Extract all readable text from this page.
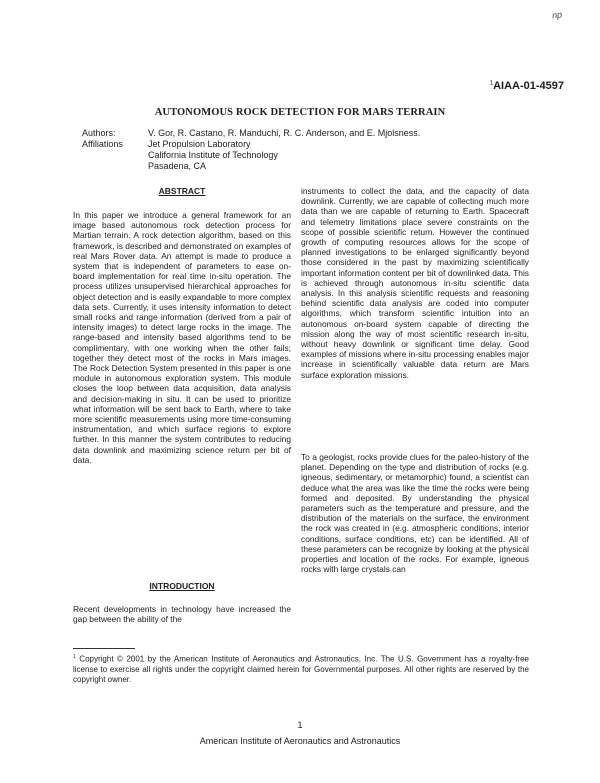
np
$^1$AIAA-01-4597
AUTONOMOUS ROCK DETECTION FOR MARS TERRAIN
Authors:	V. Gor, R. Castano, R. Manduchi, R. C. Anderson, and E. Mjolsness.
Affiliations	Jet Propulsion Laboratory
California Institute of Technology
Pasadena, CA
ABSTRACT

In this paper we introduce a general framework for an image based autonomous rock detection process for Martian terrain. A rock detection algorithm, based on this framework, is described and demonstrated on examples of real Mars Rover data. An attempt is made to produce a system that is independent of parameters to ease on-board implementation for real time in-situ operation. The process utilizes unsupervised hierarchical approaches for object detection and is easily expandable to more complex data sets. Currently, it uses intensity information to detect small rocks and range information (derived from a pair of intensity images) to detect large rocks in the image. The range-based and intensity based algorithms tend to be complimentary, with one working when the other fails; together they detect most of the rocks in Mars images. The Rock Detection System presented in this paper is one module in autonomous exploration system. This module closes the loop between data acquisition, data analysis and decision-making in situ. It can be used to prioritize what information will be sent back to Earth, where to take more scientific measurements using more time-consuming instrumentation, and which surface regions to explore further. In this manner the system contributes to reducing data downlink and maximizing science return per bit of data.

INTRODUCTION

Recent developments in technology have increased the gap between the ability of the

instruments to collect the data, and the capacity of data downlink. Currently, we are capable of collecting much more data than we are capable of returning to Earth. Spacecraft and telemetry limitations place severe constraints on the scope of possible scientific return. However the continued growth of computing resources allows for the scope of planned investigations to be enlarged significantly beyond those considered in the past by maximizing scientifically important information content per bit of downlinked data. This is achieved through autonomous in-situ scientific data analysis. In this analysis scientific requests and reasoning behind scientific data analysis are coded into computer algorithms, which transform scientific intuition into an autonomous on-board system capable of directing the mission along the way of most scientific research in-situ, without heavy downlink or significant time delay. Good examples of missions where in-situ processing enables major increase in scientifically valuable data return are Mars surface exploration missions.

To a geologist, rocks provide clues for the paleo-history of the planet. Depending on the type and distribution of rocks (e.g. igneous, sedimentary, or metamorphic) found, a scientist can deduce what the area was like the time the rocks were being formed and deposited. By understanding the physical parameters such as the temperature and pressure, and the distribution of the materials on the surface, the environment the rock was created in (e.g. atmospheric conditions, interior conditions, surface conditions, etc) can be identified. All of these parameters can be recognize by looking at the physical properties and location of the rocks. For example, igneous rocks with large crystals can

$^1$ Copyright © 2001 by the American Institute of Aeronautics and Astronautics, Inc. The U.S. Government has a royalty-free license to exercise all rights under the copyright claimed herein for Governmental purposes. All other rights are reserved by the copyright owner.
1
American Institute of Aeronautics and Astronautics
